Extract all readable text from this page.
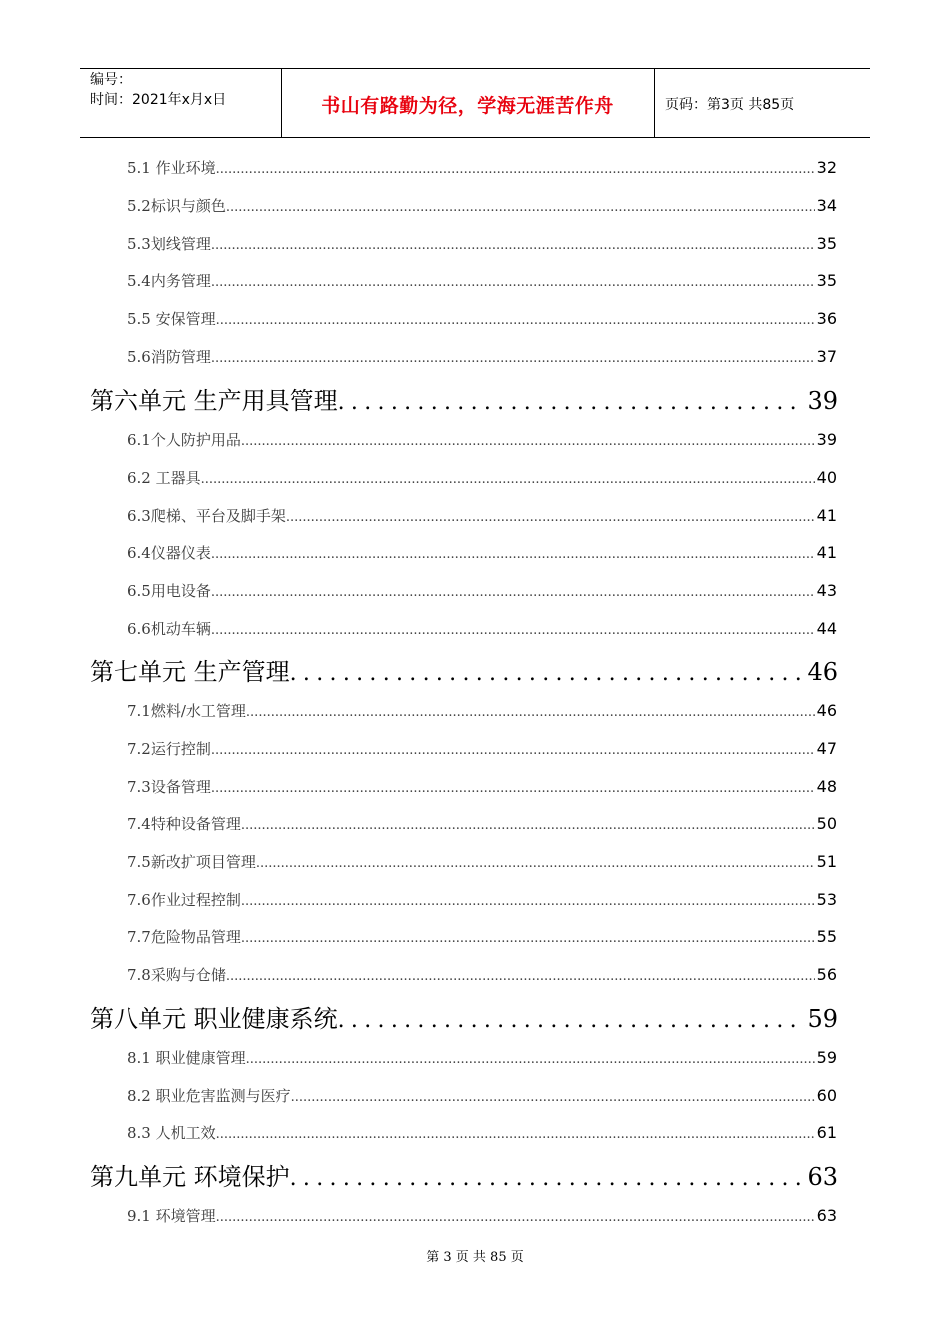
编号：
时间：2021年x月x日	书山有路勤为径，学海无涯苦作舟	页码：第3页 共85页
5.1 作业环境 .....	32
5.2标识与颜色 .....	34
5.3划线管理 .....	35
5.4内务管理 .....	35
5.5 安保管理 .....	36
5.6消防管理 .....	37
第六单元 生产用具管理 .....	39
6.1个人防护用品 .....	39
6.2 工器具 .....	40
6.3爬梯、平台及脚手架 .....	41
6.4仪器仪表 .....	41
6.5用电设备 .....	43
6.6机动车辆 .....	44
第七单元 生产管理 .....	46
7.1燃料/水工管理 .....	46
7.2运行控制 .....	47
7.3设备管理 .....	48
7.4特种设备管理 .....	50
7.5新改扩项目管理 .....	51
7.6作业过程控制 .....	53
7.7危险物品管理 .....	55
7.8采购与仓储 .....	56
第八单元 职业健康系统 .....	59
8.1 职业健康管理 .....	59
8.2 职业危害监测与医疗 .....	60
8.3 人机工效 .....	61
第九单元 环境保护 .....	63
9.1 环境管理 .....	63
第 3 页 共 85 页
